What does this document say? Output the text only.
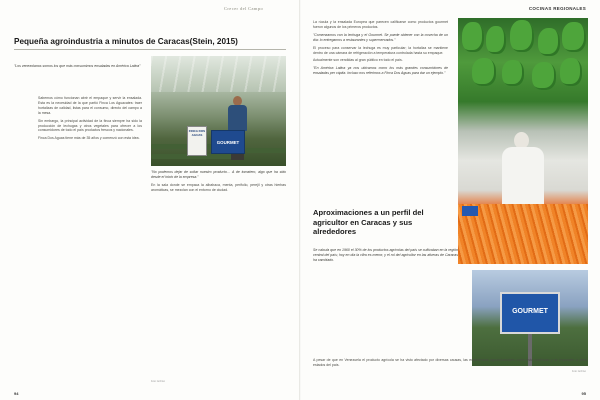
Crecer del Campo
Pequeña agroindustria a minutos de Caracas(Stein, 2015)

"Los venezolanos somos los que más consumimos ensaladas en América Latina"

Sabemos cómo funcionan abrir el empaque y servir la ensalada. Esta es la necesidad de la que partió Finca Los Aguacates: traer hortalizas de calidad, listas para el consumo, directo del campo a la mesa.

Sin embargo, la principal actividad de la finca siempre ha sido la producción de lechugas y otros vegetales para ofrecer a los consumidores de todo el país productos frescos y nacionales.

Finca Dos Aguas tiene más de 35 años y comenzó con esta idea.

FINCA DOS AGUAS
GOURMET

"No podemos dejar de soltar nuestro producto… A de tomatero, algo que ha sido desde el inicio de la empresa."

En la sala donde se empaca la albahaca, menta, perifolio, perejil y otras hierbas aromáticas, se mezclan con el entorno de ciudad.

Foto: Archivo
94
COCINAS REGIONALES

La rúcula y la ensalada Europea que parecen calificarse como productos gourmet fueron algunos de los primeros productos.

"Comenzamos con la lechuga y el Gourmet. Se puede obtener con la cosecha de un día: lo entregamos a restaurantes y supermercados."

El proceso para conservar la lechuga es muy particular; la hortaliza se mantiene dentro de una cámara de refrigeración a temperatura controlada hasta su empaque.

Actualmente son vendidas al gran público en todo el país.

"En América Latina ya nos ubicamos como los más grandes consumidores de ensaladas per cápita. Incluso nos referimos a Finca Dos Aguas para dar un ejemplo."

Aproximaciones a un perfil del agricultor en Caracas y sus alrededores

Se calcula que en 1960 el 30% de los productos agrícolas del país se cultivaban en la región central del país; hoy en día la cifra es menor, y el rol del agricultor en las afueras de Caracas ha cambiado.

GOURMET
Foto: Archivo

A pesar de que en Venezuela el producto agrícola se ha visto afectado por diversas causas, las experiencias agroindustriales como esta continúan y se expanden a otros estados del país.

95
